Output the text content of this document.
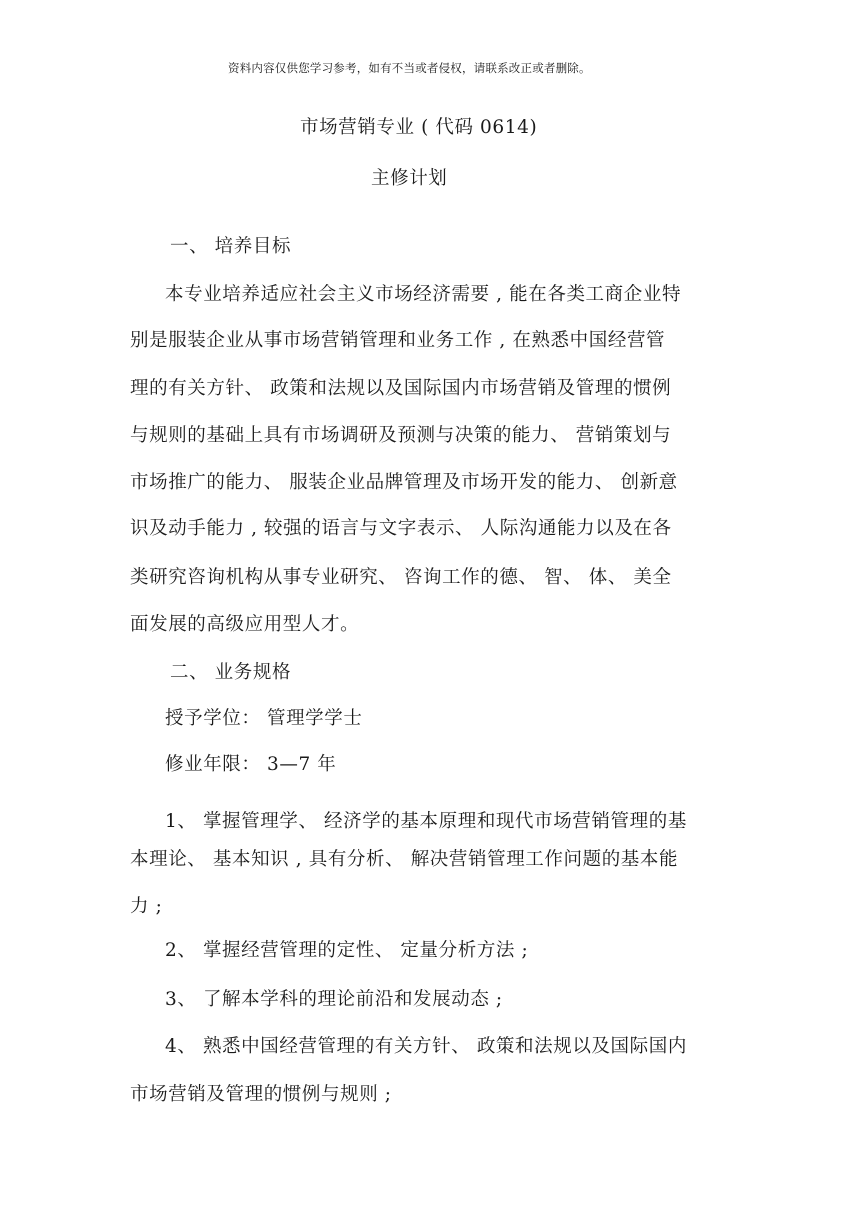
资料内容仅供您学习参考，如有不当或者侵权，请联系改正或者删除。
市场营销专业 ( 代码 0614)
主修计划
一、 培养目标
本专业培养适应社会主义市场经济需要 , 能在各类工商企业特
别是服装企业从事市场营销管理和业务工作 , 在熟悉中国经营管
理的有关方针、 政策和法规以及国际国内市场营销及管理的惯例
与规则的基础上具有市场调研及预测与决策的能力、 营销策划与
市场推广的能力、 服装企业品牌管理及市场开发的能力、 创新意
识及动手能力 , 较强的语言与文字表示、 人际沟通能力以及在各
类研究咨询机构从事专业研究、 咨询工作的德、 智、 体、 美全
面发展的高级应用型人才。
二、 业务规格
授予学位： 管理学学士
修业年限： 3—7 年
1、 掌握管理学、 经济学的基本原理和现代市场营销管理的基
本理论、 基本知识 , 具有分析、 解决营销管理工作问题的基本能
力 ;
2、 掌握经营管理的定性、 定量分析方法 ;
3、 了解本学科的理论前沿和发展动态 ;
4、 熟悉中国经营管理的有关方针、 政策和法规以及国际国内
市场营销及管理的惯例与规则 ;
